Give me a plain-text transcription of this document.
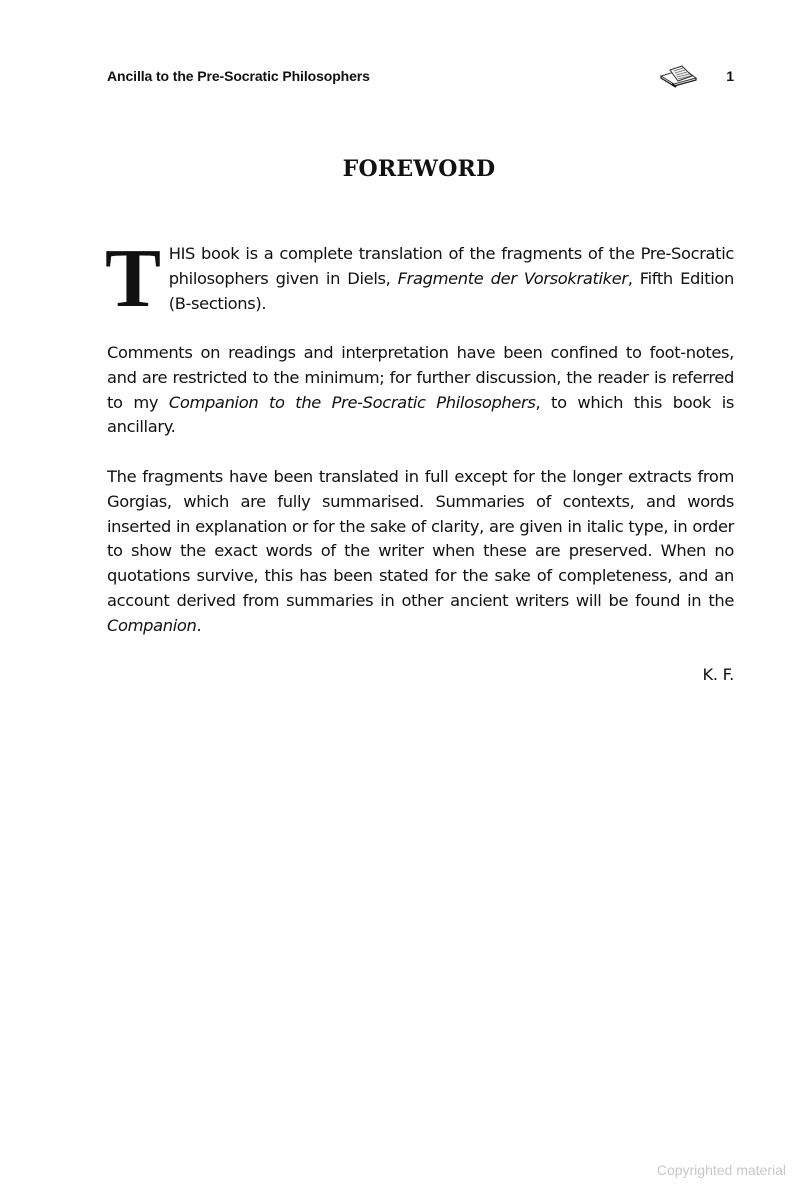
Ancilla to the Pre-Socratic Philosophers	1
FOREWORD
THIS book is a complete translation of the fragments of the Pre-Socratic philosophers given in Diels, Fragmente der Vorsokratiker, Fifth Edition (B-sections).
Comments on readings and interpretation have been confined to foot-notes, and are restricted to the minimum; for further discussion, the reader is referred to my Companion to the Pre-Socratic Philosophers, to which this book is ancillary.
The fragments have been translated in full except for the longer extracts from Gorgias, which are fully summarised. Summaries of contexts, and words inserted in explanation or for the sake of clarity, are given in italic type, in order to show the exact words of the writer when these are preserved. When no quotations survive, this has been stated for the sake of completeness, and an account derived from summaries in other ancient writers will be found in the Companion.
K. F.
Copyrighted material
